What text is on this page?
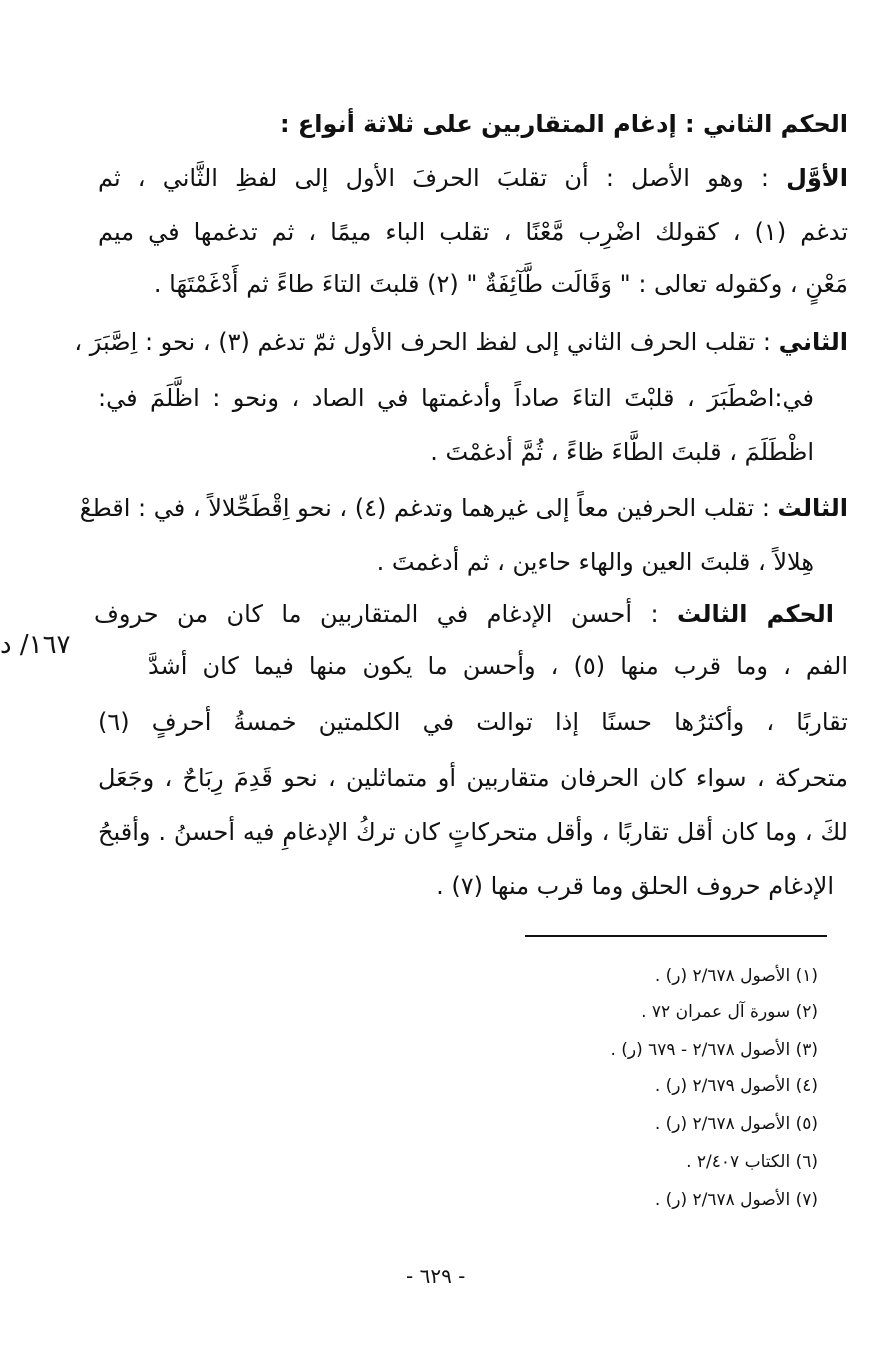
الحكم الثاني : إدغام المتقاربين على ثلاثة أنواع :
الأوَّل : وهو الأصل : أن تقلبَ الحرفَ الأول إلى لفظِ الثَّاني ، ثم
تدغم (١) ، كقولك اضْرِب مَّعْنًا ، تقلب الباء ميمًا ، ثم تدغمها في ميم
مَعْنٍ ، وكقوله تعالى : " وَقَالَت طَّآئِفَةٌ " (٢) قلبتَ التاءَ طاءً ثم أَدْغَمْتَهَا .
الثاني : تقلب الحرف الثاني إلى لفظ الحرف الأول ثمّ تدغم (٣) ، نحو : اِصَّبَرَ ،
في:اصْطَبَرَ ، قلبْتَ التاءَ صاداً وأدغمتها في الصاد ، ونحو : اظَّلَمَ في:
اظْطَلَمَ ، قلبتَ الطَّاءَ ظاءً ، ثُمَّ أدغمْتَ .
الثالث : تقلب الحرفين معاً إلى غيرهما وتدغم (٤) ، نحو اِقْطَحِّلالاً ، في : اقطعْ
هِلالاً ، قلبتَ العين والهاء حاءين ، ثم أدغمتَ .
الحكم الثالث : أحسن الإدغام في المتقاربين ما كان من حروف
الفم ، وما قرب منها (٥) ، وأحسن ما يكون منها فيما كان أشدَّ
تقاربًا ، وأكثرُها حسنًا إذا توالت في الكلمتين خمسةُ أحرفٍ (٦)
متحركة ، سواء كان الحرفان متقاربين أو متماثلين ، نحو قَدِمَ رِبَاحٌ ، وجَعَل
لكَ ، وما كان أقل تقاربًا ، وأقل متحركاتٍ كان تركُ الإدغامِ فيه أحسنُ . وأقبحُ
الإدغام حروف الحلق وما قرب منها (٧) .
١٦٧/ د
(١) الأصول ٢/٦٧٨ (ر) .
(٢) سورة آل عمران ٧٢ .
(٣) الأصول ٢/٦٧٨ - ٦٧٩ (ر) .
(٤) الأصول ٢/٦٧٩ (ر) .
(٥) الأصول ٢/٦٧٨ (ر) .
(٦) الكتاب ٢/٤٠٧ .
(٧) الأصول ٢/٦٧٨ (ر) .
- ٦٢٩ -
